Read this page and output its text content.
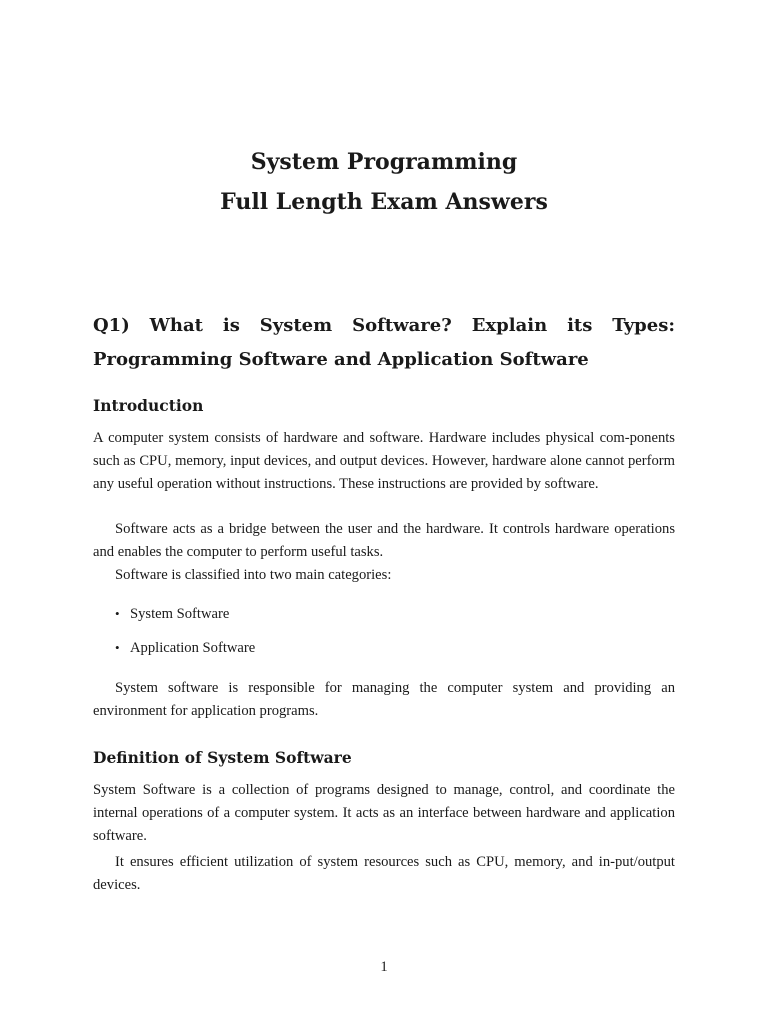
System Programming

Full Length Exam Answers

Q1) What is System Software? Explain its Types: Programming Software and Application Software
Introduction

A computer system consists of hardware and software. Hardware includes physical com-ponents such as CPU, memory, input devices, and output devices. However, hardware alone cannot perform any useful operation without instructions. These instructions are provided by software.

Software acts as a bridge between the user and the hardware. It controls hardware operations and enables the computer to perform useful tasks.

Software is classified into two main categories:

• System Software
• Application Software

System software is responsible for managing the computer system and providing an environment for application programs.

Definition of System Software

System Software is a collection of programs designed to manage, control, and coordinate the internal operations of a computer system. It acts as an interface between hardware and application software.

It ensures efficient utilization of system resources such as CPU, memory, and in-put/output devices.

1
